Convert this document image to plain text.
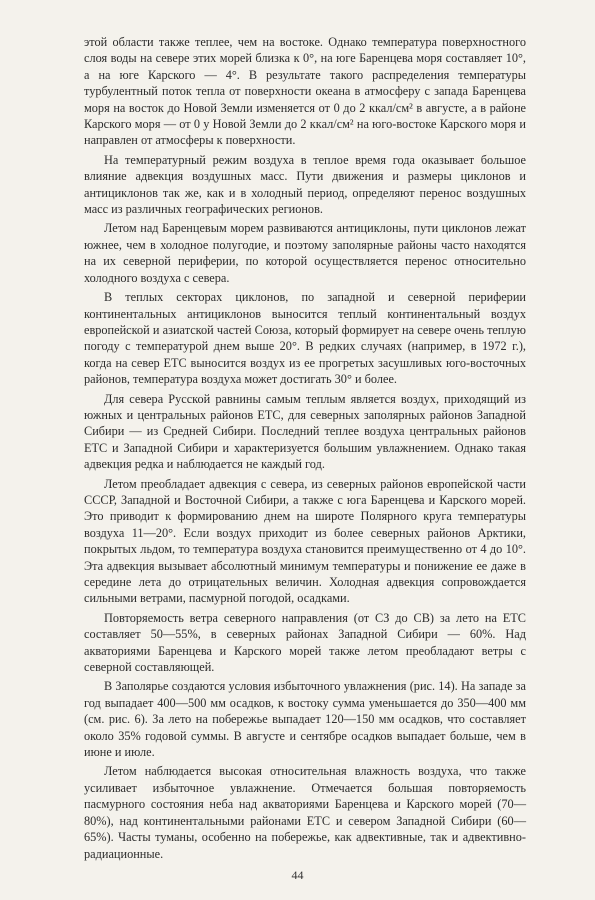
этой области также теплее, чем на востоке. Однако температура поверхностного слоя воды на севере этих морей близка к 0°, на юге Баренцева моря составляет 10°, а на юге Карского — 4°. В результате такого распределения температуры турбулентный поток тепла от поверхности океана в атмосферу с запада Баренцева моря на восток до Новой Земли изменяется от 0 до 2 ккал/см² в августе, а в районе Карского моря — от 0 у Новой Земли до 2 ккал/см² на юго-востоке Карского моря и направлен от атмосферы к поверхности.

На температурный режим воздуха в теплое время года оказывает большое влияние адвекция воздушных масс. Пути движения и размеры циклонов и антициклонов так же, как и в холодный период, определяют перенос воздушных масс из различных географических регионов.

Летом над Баренцевым морем развиваются антициклоны, пути циклонов лежат южнее, чем в холодное полугодие, и поэтому заполярные районы часто находятся на их северной периферии, по которой осуществляется перенос относительно холодного воздуха с севера.

В теплых секторах циклонов, по западной и северной периферии континентальных антициклонов выносится теплый континентальный воздух европейской и азиатской частей Союза, который формирует на севере очень теплую погоду с температурой днем выше 20°. В редких случаях (например, в 1972 г.), когда на север ЕТС выносится воздух из ее прогретых засушливых юго-восточных районов, температура воздуха может достигать 30° и более.

Для севера Русской равнины самым теплым является воздух, приходящий из южных и центральных районов ЕТС, для северных заполярных районов Западной Сибири — из Средней Сибири. Последний теплее воздуха центральных районов ЕТС и Западной Сибири и характеризуется большим увлажнением. Однако такая адвекция редка и наблюдается не каждый год.

Летом преобладает адвекция с севера, из северных районов европейской части СССР, Западной и Восточной Сибири, а также с юга Баренцева и Карского морей. Это приводит к формированию днем на широте Полярного круга температуры воздуха 11—20°. Если воздух приходит из более северных районов Арктики, покрытых льдом, то температура воздуха становится преимущественно от 4 до 10°. Эта адвекция вызывает абсолютный минимум температуры и понижение ее даже в середине лета до отрицательных величин. Холодная адвекция сопровождается сильными ветрами, пасмурной погодой, осадками.

Повторяемость ветра северного направления (от СЗ до СВ) за лето на ЕТС составляет 50—55%, в северных районах Западной Сибири — 60%. Над акваториями Баренцева и Карского морей также летом преобладают ветры с северной составляющей.

В Заполярье создаются условия избыточного увлажнения (рис. 14). На западе за год выпадает 400—500 мм осадков, к востоку сумма уменьшается до 350—400 мм (см. рис. 6). За лето на побережье выпадает 120—150 мм осадков, что составляет около 35% годовой суммы. В августе и сентябре осадков выпадает больше, чем в июне и июле.

Летом наблюдается высокая относительная влажность воздуха, что также усиливает избыточное увлажнение. Отмечается большая повторяемость пасмурного состояния неба над акваториями Баренцева и Карского морей (70—80%), над континентальными районами ЕТС и севером Западной Сибири (60—65%). Часты туманы, особенно на побережье, как адвективные, так и адвективно-радиационные.

44
